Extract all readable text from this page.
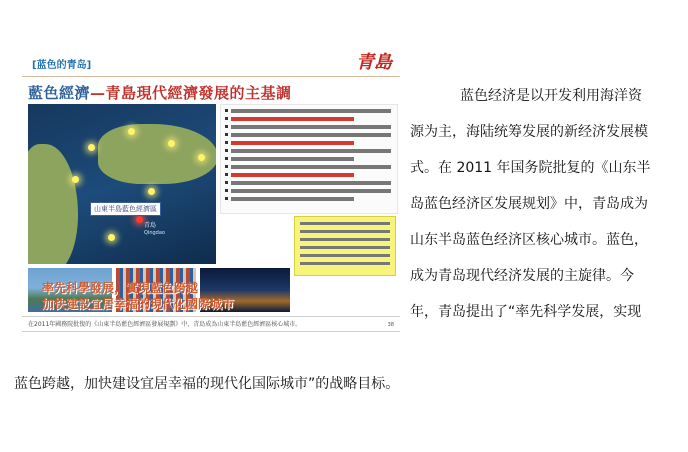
[蓝色的青岛]	青島
藍色經濟—青島現代經濟發展的主基調
山東半島藍色經濟區
青島
Qingdao
率先科學發展，實現藍色跨越
加快建設宜居幸福的現代化國際城市
在2011年國務院批復的《山東半島藍色經濟區發展規劃》中，青島成為山東半島藍色經濟區核心城市。	38
蓝色经济是以开发利用海洋资
源为主，海陆统筹发展的新经济发展模
式。在 2011 年国务院批复的《山东半
岛蓝色经济区发展规划》中，青岛成为
山东半岛蓝色经济区核心城市。蓝色，
成为青岛现代经济发展的主旋律。今
年，青岛提出了“率先科学发展，实现
蓝色跨越，加快建设宜居幸福的现代化国际城市”的战略目标。
